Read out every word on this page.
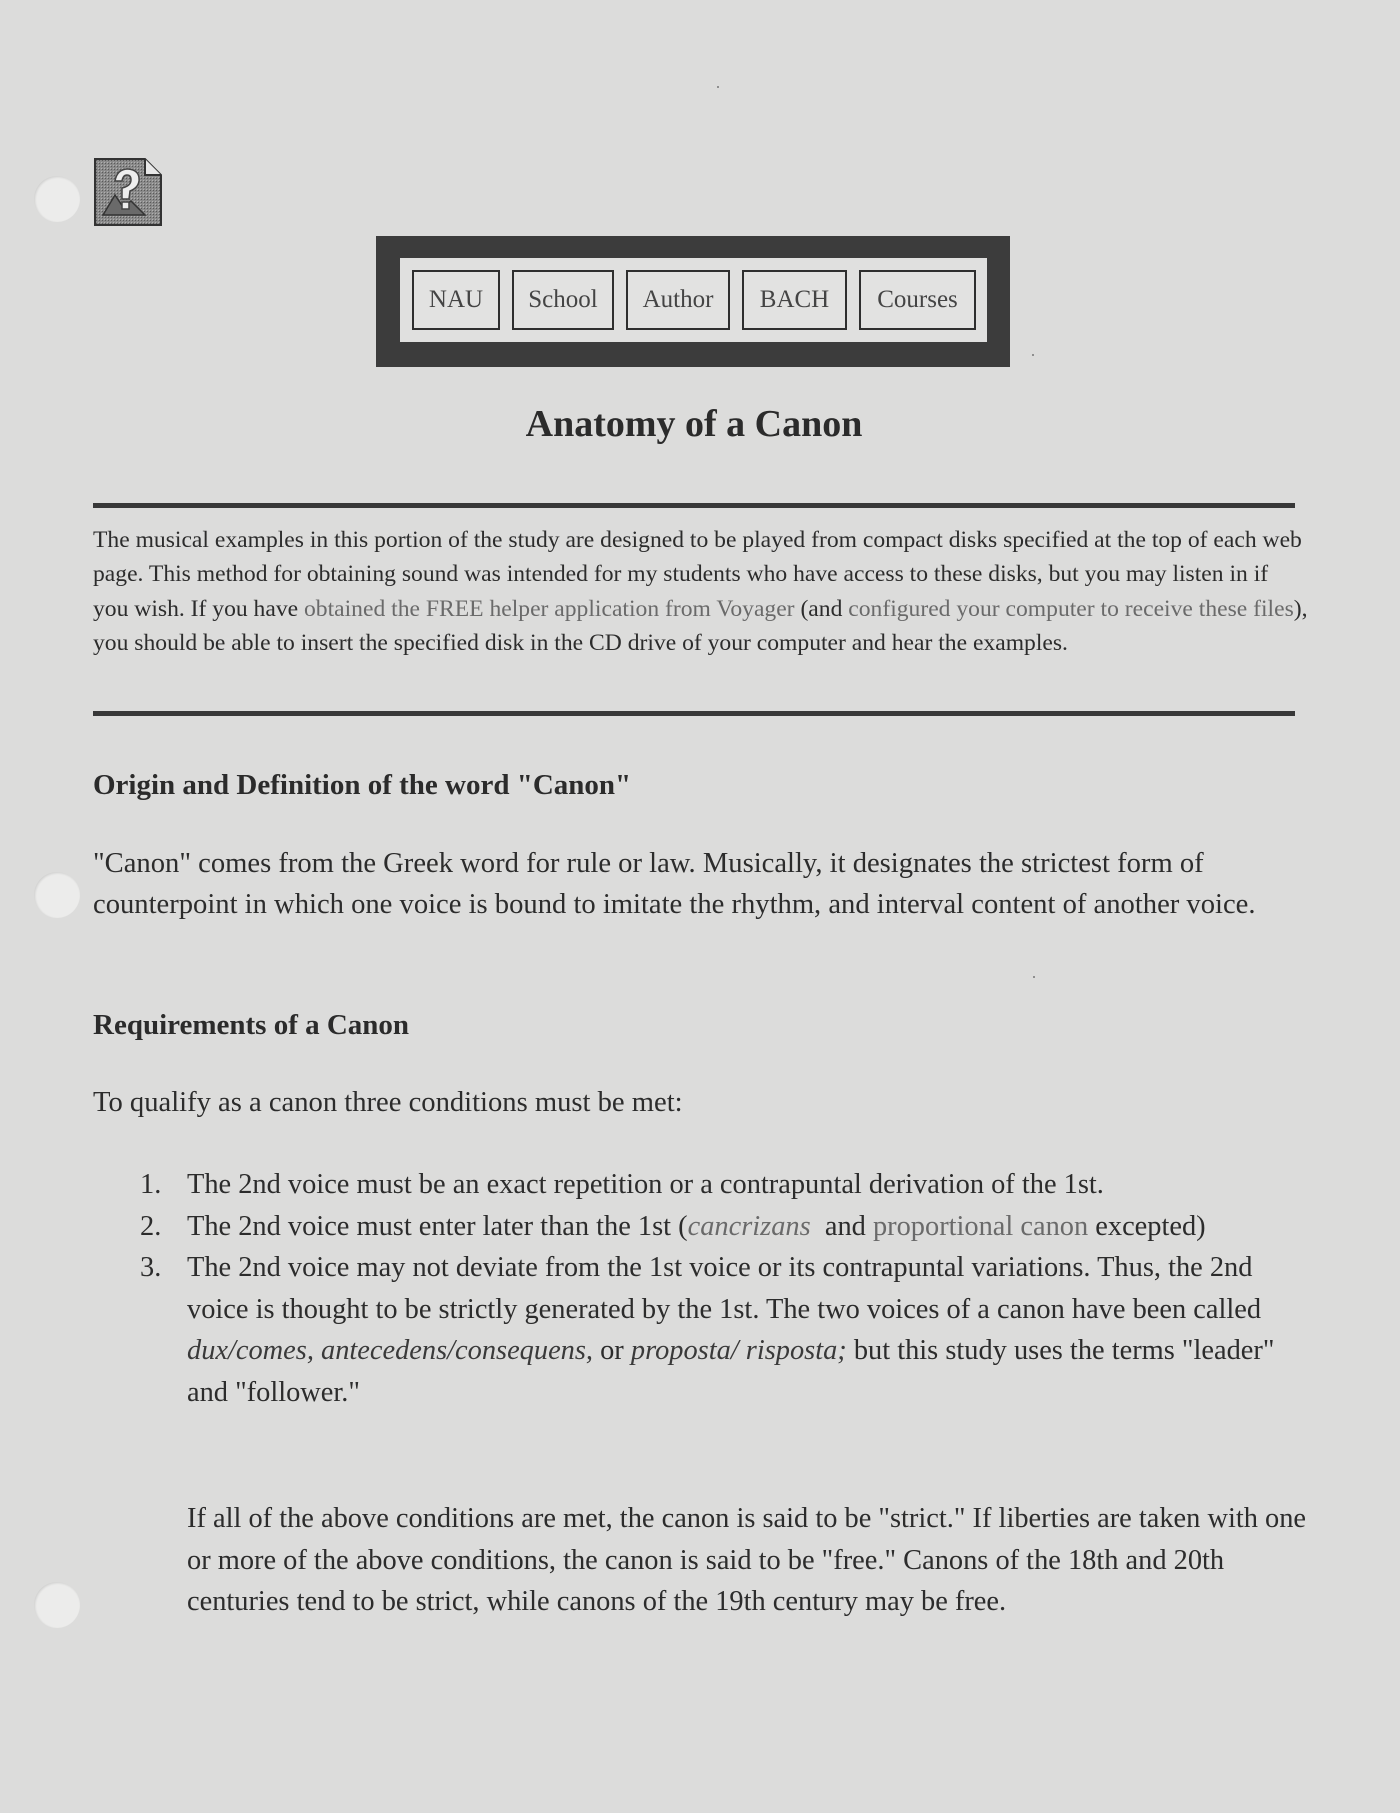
NAU	School	Author	BACH	Courses
Anatomy of a Canon

The musical examples in this portion of the study are designed to be played from compact disks specified at the top of each web page. This method for obtaining sound was intended for my students who have access to these disks, but you may listen in if you wish. If you have obtained the FREE helper application from Voyager (and configured your computer to receive these files), you should be able to insert the specified disk in the CD drive of your computer and hear the examples.

Origin and Definition of the word "Canon"

"Canon" comes from the Greek word for rule or law. Musically, it designates the strictest form of counterpoint in which one voice is bound to imitate the rhythm, and interval content of another voice.

Requirements of a Canon

To qualify as a canon three conditions must be met:

1. The 2nd voice must be an exact repetition or a contrapuntal derivation of the 1st.
2. The 2nd voice must enter later than the 1st (cancrizans  and proportional canon excepted)
3. The 2nd voice may not deviate from the 1st voice or its contrapuntal variations. Thus, the 2nd voice is thought to be strictly generated by the 1st. The two voices of a canon have been called dux/comes, antecedens/consequens, or proposta/ risposta; but this study uses the terms "leader" and "follower."

If all of the above conditions are met, the canon is said to be "strict." If liberties are taken with one or more of the above conditions, the canon is said to be "free." Canons of the 18th and 20th centuries tend to be strict, while canons of the 19th century may be free.
